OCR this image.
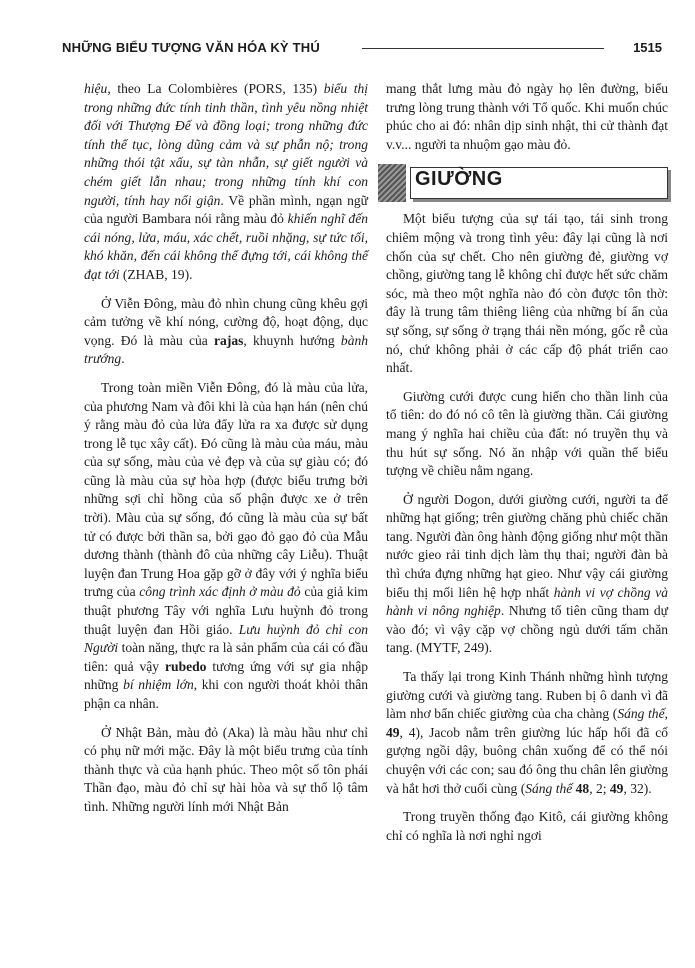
NHỮNG BIỂU TƯỢNG VĂN HÓA KỲ THÚ	1515

hiệu, theo La Colombières (PORS, 135) biểu thị trong những đức tính tinh thần, tình yêu nồng nhiệt đối với Thượng Đế và đồng loại; trong những đức tính thể tục, lòng dũng cảm và sự phẫn nộ; trong những thói tật xấu, sự tàn nhẫn, sự giết người và chém giết lẫn nhau; trong những tính khí con người, tính hay nổi giận. Về phần mình, ngạn ngữ của người Bambara nói rằng màu đỏ khiến nghĩ đến cái nóng, lửa, máu, xác chết, ruồi nhặng, sự tức tối, khó khăn, đến cái không thể đựng tới, cái không thể đạt tới (ZHAB, 19).

Ở Viễn Đông, màu đỏ nhìn chung cũng khêu gợi cảm tưởng về khí nóng, cường độ, hoạt động, dục vọng. Đó là màu của rajas, khuynh hướng bành trướng.

Trong toàn miền Viễn Đông, đó là màu của lửa, của phương Nam và đôi khi là của hạn hán (nên chú ý rằng màu đỏ của lửa đẩy lửa ra xa được sử dụng trong lễ tục xây cất). Đó cũng là màu của máu, màu của sự sống, màu của vẻ đẹp và của sự giàu có; đó cũng là màu của sự hòa hợp (được biểu trưng bởi những sợi chỉ hồng của số phận được xe ở trên trời). Màu của sự sống, đó cũng là màu của sự bất tử có được bởi thần sa, bởi gạo đỏ gạo đỏ của Mẫu dương thành (thành đô của những cây Liễu). Thuật luyện đan Trung Hoa gặp gỡ ở đây với ý nghĩa biểu trưng của công trình xác định ở màu đỏ của giả kim thuật phương Tây với nghĩa Lưu huỳnh đỏ trong thuật luyện đan Hồi giáo. Lưu huỳnh đỏ chỉ con Người toàn năng, thực ra là sản phẩm của cái có đầu tiên: quả vậy rubedo tương ứng với sự gia nhập những bí nhiệm lớn, khi con người thoát khỏi thân phận ca nhân.

Ở Nhật Bản, màu đỏ (Aka) là màu hầu như chỉ có phụ nữ mới mặc. Đây là một biểu trưng của tính thành thực và của hạnh phúc. Theo một số tôn phái Thần đạo, màu đỏ chỉ sự hài hòa và sự thổ lộ tâm tình. Những người lính mới Nhật Bản

mang thắt lưng màu đỏ ngày họ lên đường, biểu trưng lòng trung thành với Tổ quốc. Khi muốn chúc phúc cho ai đó: nhân dịp sinh nhật, thi cử thành đạt v.v... người ta nhuộm gạo màu đỏ.

GIƯỜNG

Một biểu tượng của sự tái tạo, tái sinh trong chiêm mộng và trong tình yêu: đây lại cũng là nơi chốn của sự chết. Cho nên giường đẻ, giường vợ chồng, giường tang lễ không chỉ được hết sức chăm sóc, mà theo một nghĩa nào đó còn được tôn thờ: đây là trung tâm thiêng liêng của những bí ẩn của sự sống, sự sống ở trạng thái nền móng, gốc rễ của nó, chứ không phải ở các cấp độ phát triển cao nhất.

Giường cưới được cung hiến cho thần linh của tổ tiên: do đó nó cô tên là giường thần. Cái giường mang ý nghĩa hai chiều của đất: nó truyền thụ và thu hút sự sống. Nó ăn nhập với quần thể biểu tượng về chiều nằm ngang.

Ở người Dogon, dưới giường cưới, người ta để những hạt giống; trên giường chăng phủ chiếc chăn tang. Người đàn ông hành động giống như một thần nước gieo rải tinh dịch làm thụ thai; người đàn bà thì chứa đựng những hạt gieo. Như vậy cái giường biểu thị mối liên hệ hợp nhất hành vi vợ chồng và hành vi nông nghiệp. Nhưng tổ tiên cũng tham dự vào đó; vì vậy cặp vợ chồng ngủ dưới tấm chăn tang. (MYTF, 249).

Ta thấy lại trong Kinh Thánh những hình tượng giường cưới và giường tang. Ruben bị ô danh vì đã làm nhơ bẩn chiếc giường của cha chàng (Sáng thế, 49, 4), Jacob nằm trên giường lúc hấp hối đã cố gượng ngồi dậy, buông chân xuống để có thể nói chuyện với các con; sau đó ông thu chân lên giường và hắt hơi thở cuối cùng (Sáng thế 48, 2; 49, 32).

Trong truyền thống đạo Kitô, cái giường không chỉ có nghĩa là nơi nghỉ ngơi
